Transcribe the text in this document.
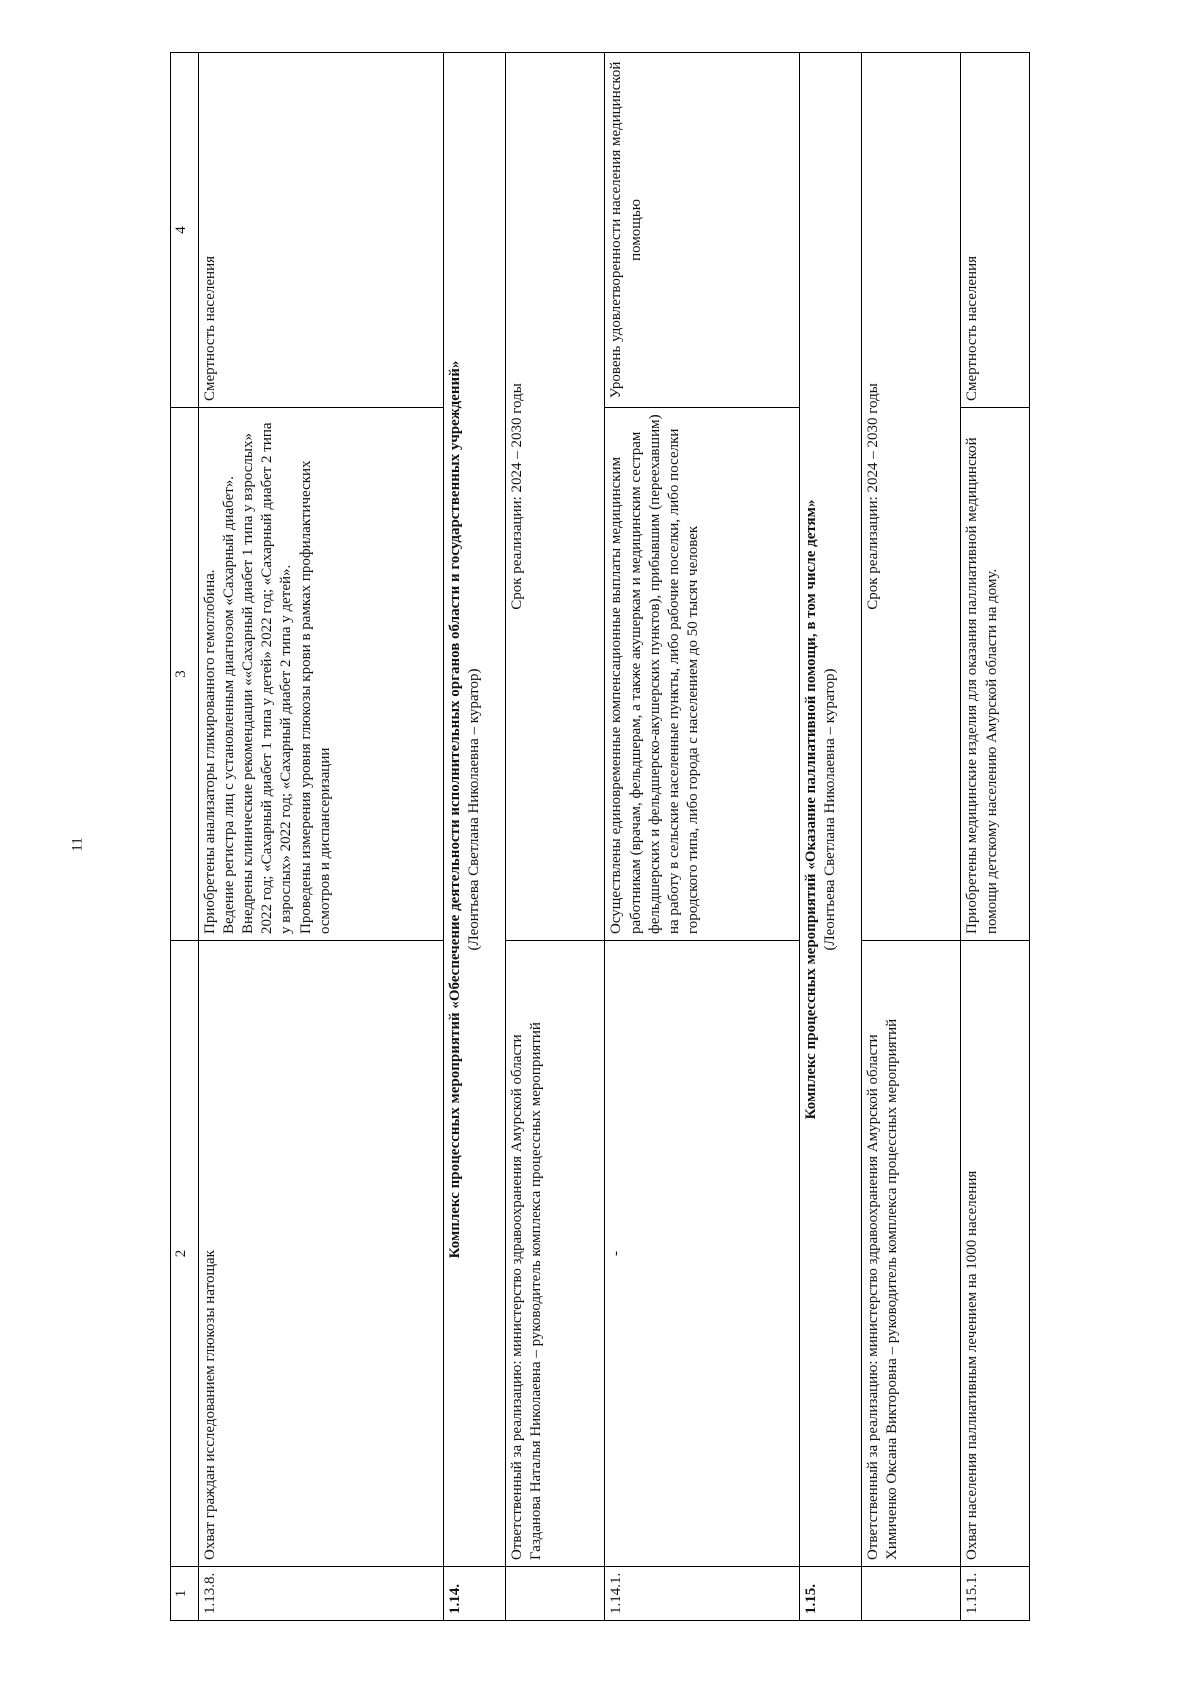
11
1	2	3	4
1.13.8.	Охват граждан исследованием глюкозы натощак	Приобретены анализаторы гликированного гемоглобина. Ведение регистра лиц с установленным диагнозом «Сахарный диабет». Внедрены клинические рекомендации ««Сахарный диабет 1 типа у взрослых» 2022 год; «Сахарный диабет 1 типа у детей» 2022 год; «Сахарный диабет 2 типа у взрослых» 2022 год; «Сахарный диабет 2 типа у детей». Проведены измерения уровня глюкозы крови в рамках профилактических осмотров и диспансеризации	Смертность населения
1.14.	Комплекс процессных мероприятий «Обеспечение деятельности исполнительных органов области и государственных учреждений» (Леонтьева Светлана Николаевна – куратор)		

	Ответственный за реализацию: министерство здравоохранения Амурской области Газданова Наталья Николаевна – руководитель комплекса процессных мероприятий	Срок реализации: 2024 – 2030 годы	
1.14.1.	-	Осуществлены единовременные компенсационные выплаты медицинским работникам (врачам, фельдшерам, а также акушеркам и медицинским сестрам фельдшерских и фельдшерско-акушерских пунктов), прибывшим (переехавшим) на работу в сельские населенные пункты, либо рабочие поселки, либо поселки городского типа, либо города с населением до 50 тысяч человек	Уровень удовлетворенности населения медицинской помощью
1.15.	Комплекс процессных мероприятий «Оказание паллиативной помощи, в том числе детям» (Леонтьева Светлана Николаевна – куратор)		

	Ответственный за реализацию: министерство здравоохранения Амурской области Химиченко Оксана Викторовна – руководитель комплекса процессных мероприятий	Срок реализации: 2024 – 2030 годы	
1.15.1.	Охват населения паллиативным лечением на 1000 населения	Приобретены медицинские изделия для оказания паллиативной медицинской помощи детскому населению Амурской области на дому.	Смертность населения
